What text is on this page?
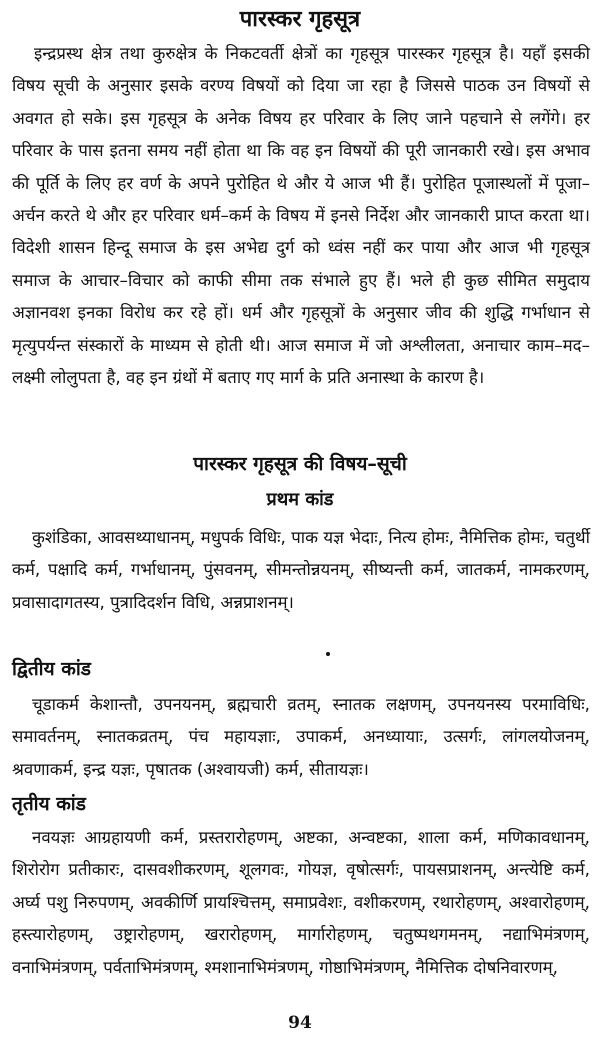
पारस्कर गृहसूत्र

इन्द्रप्रस्थ क्षेत्र तथा कुरुक्षेत्र के निकटवर्ती क्षेत्रों का गृहसूत्र पारस्कर गृहसूत्र है। यहाँ इसकी विषय सूची के अनुसार इसके वरण्य विषयों को दिया जा रहा है जिससे पाठक उन विषयों से अवगत हो सके। इस गृहसूत्र के अनेक विषय हर परिवार के लिए जाने पहचाने से लगेंगे। हर परिवार के पास इतना समय नहीं होता था कि वह इन विषयों की पूरी जानकारी रखे। इस अभाव की पूर्ति के लिए हर वर्ण के अपने पुरोहित थे और ये आज भी हैं। पुरोहित पूजास्थलों में पूजा–अर्चन करते थे और हर परिवार धर्म–कर्म के विषय में इनसे निर्देश और जानकारी प्राप्त करता था। विदेशी शासन हिन्दू समाज के इस अभेद्य दुर्ग को ध्वंस नहीं कर पाया और आज भी गृहसूत्र समाज के आचार–विचार को काफी सीमा तक संभाले हुए हैं। भले ही कुछ सीमित समुदाय अज्ञानवश इनका विरोध कर रहे हों। धर्म और गृहसूत्रों के अनुसार जीव की शुद्धि गर्भाधान से मृत्युपर्यन्त संस्कारों के माध्यम से होती थी। आज समाज में जो अश्लीलता, अनाचार काम–मद–लक्ष्मी लोलुपता है, वह इन ग्रंथों में बताए गए मार्ग के प्रति अनास्था के कारण है।

पारस्कर गृहसूत्र की विषय–सूची
प्रथम कांड

कुशंडिका, आवसथ्याधानम्, मधुपर्क विधिः, पाक यज्ञ भेदाः, नित्य होमः, नैमित्तिक होमः, चतुर्थी कर्म, पक्षादि कर्म, गर्भाधानम्, पुंसवनम्, सीमन्तोन्नयनम्, सीष्यन्ती कर्म, जातकर्म, नामकरणम्, प्रवासादागतस्य, पुत्रादिदर्शन विधि, अन्नप्राशनम्।

द्वितीय कांड

चूडाकर्म केशान्तौ, उपनयनम्, ब्रह्मचारी व्रतम्, स्नातक लक्षणम्, उपनयनस्य परमाविधिः, समावर्तनम्, स्नातकव्रतम्, पंच महायज्ञाः, उपाकर्म, अनध्यायाः, उत्सर्गः, लांगलयोजनम्, श्रवणाकर्म, इन्द्र यज्ञः, पृषातक (अश्वायजी) कर्म, सीतायज्ञः।

तृतीय कांड

नवयज्ञः आग्रहायणी कर्म, प्रस्तरारोहणम्, अष्टका, अन्वष्टका, शाला कर्म, मणिकावधानम्, शिरोरोग प्रतीकारः, दासवशीकरणम्, शूलगवः, गोयज्ञ, वृषोत्सर्गः, पायसप्राशनम्, अन्त्येष्टि कर्म, अर्घ्य पशु निरुपणम्, अवकीर्णि प्रायश्चित्तम्, समाप्रवेशः, वशीकरणम्, रथारोहणम्, अश्वारोहणम्, हस्त्यारोहणम्, उष्ट्रारोहणम्, खरारोहणम्, मार्गारोहणम्, चतुष्पथगमनम्, नद्याभिमंत्रणम्, वनाभिमंत्रणम्, पर्वताभिमंत्रणम्, श्मशानाभिमंत्रणम्, गोष्ठाभिमंत्रणम्, नैमित्तिक दोषनिवारणम्,

94
